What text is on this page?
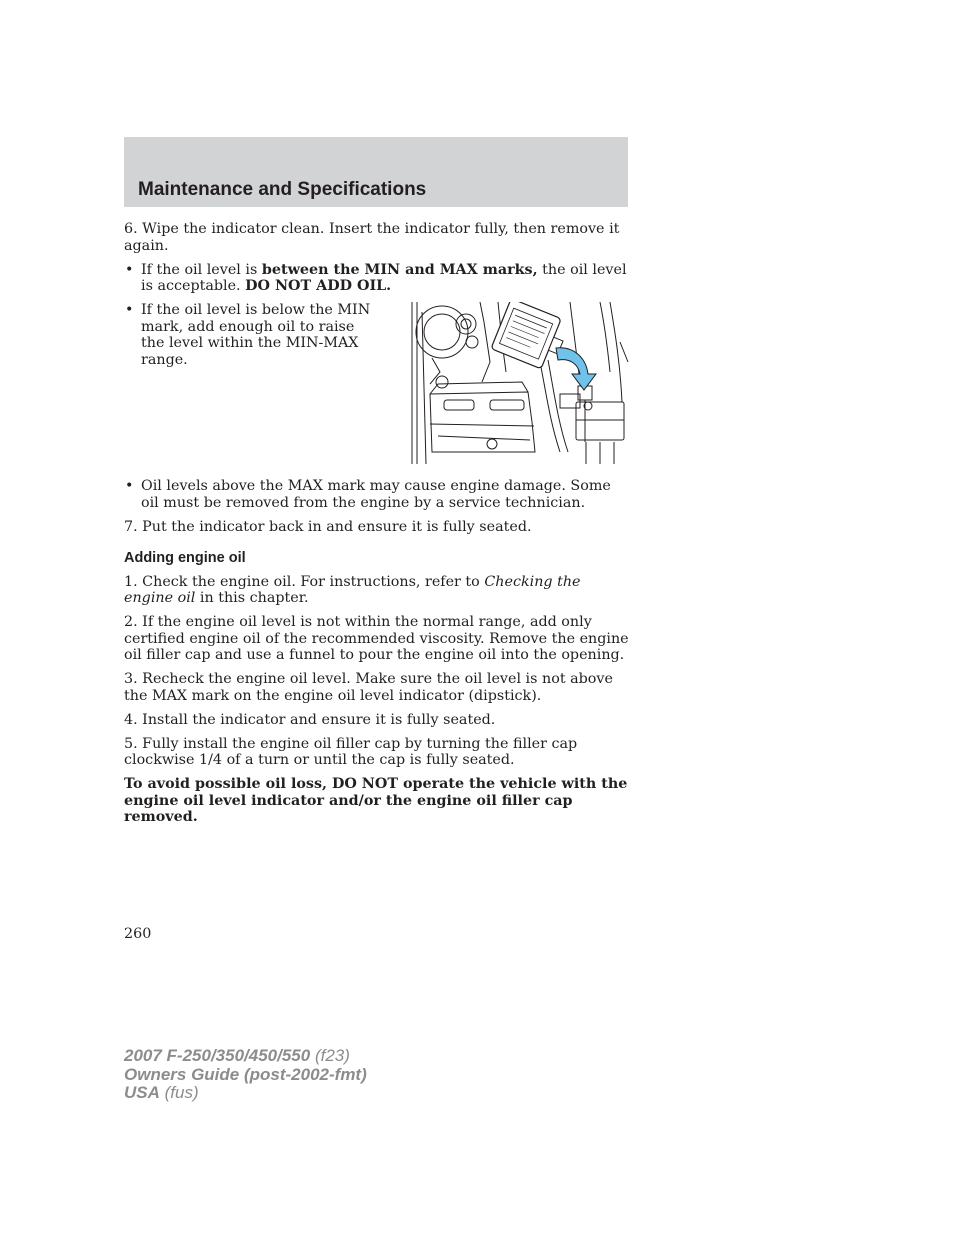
Maintenance and Specifications

6. Wipe the indicator clean. Insert the indicator fully, then remove it again.

• If the oil level is between the MIN and MAX marks, the oil level is acceptable. DO NOT ADD OIL.
• If the oil level is below the MIN mark, add enough oil to raise the level within the MIN-MAX range.
• Oil levels above the MAX mark may cause engine damage. Some oil must be removed from the engine by a service technician.

7. Put the indicator back in and ensure it is fully seated.

Adding engine oil

1. Check the engine oil. For instructions, refer to Checking the engine oil in this chapter.

2. If the engine oil level is not within the normal range, add only certified engine oil of the recommended viscosity. Remove the engine oil filler cap and use a funnel to pour the engine oil into the opening.

3. Recheck the engine oil level. Make sure the oil level is not above the MAX mark on the engine oil level indicator (dipstick).

4. Install the indicator and ensure it is fully seated.

5. Fully install the engine oil filler cap by turning the filler cap clockwise 1/4 of a turn or until the cap is fully seated.

To avoid possible oil loss, DO NOT operate the vehicle with the engine oil level indicator and/or the engine oil filler cap removed.

260
2007 F-250/350/450/550 (f23)
Owners Guide (post-2002-fmt)
USA (fus)
